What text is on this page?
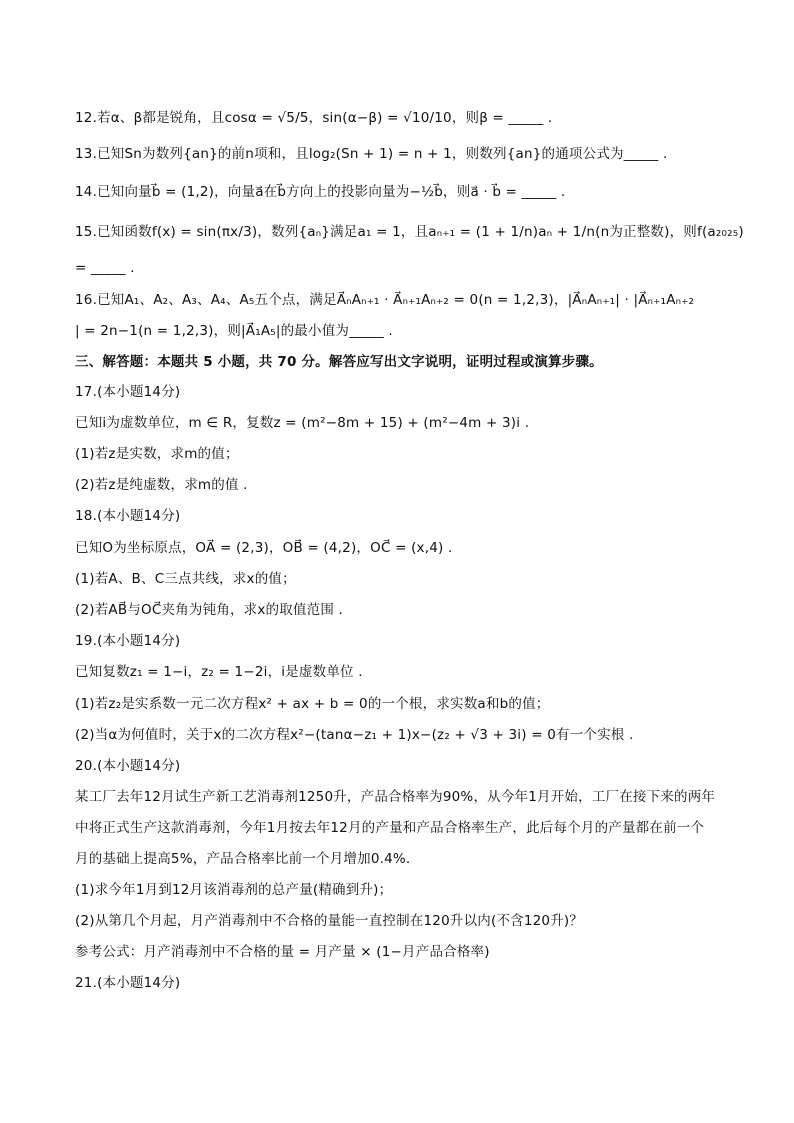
12.若α、β都是锐角，且cosα = √5/5，sin(α−β) = √10/10，则β = _____ .
13.已知Sn为数列{an}的前n项和，且log₂(Sn + 1) = n + 1，则数列{an}的通项公式为_____ .
14.已知向量b⃗ = (1,2)，向量a⃗在b⃗方向上的投影向量为−½b⃗，则a⃗ · b⃗ = _____ .
15.已知函数f(x) = sin(πx/3)，数列{aₙ}满足a₁ = 1，且aₙ₊₁ = (1 + 1/n)aₙ + 1/n(n为正整数)，则f(a₂₀₂₅)
= _____ .
16.已知A₁、A₂、A₃、A₄、A₅五个点，满足A⃗ₙAₙ₊₁ · A⃗ₙ₊₁Aₙ₊₂ = 0(n = 1,2,3)，|A⃗ₙAₙ₊₁| · |A⃗ₙ₊₁Aₙ₊₂
| = 2n−1(n = 1,2,3)，则|A⃗₁A₅|的最小值为_____ .
三、解答题：本题共 5 小题，共 70 分。解答应写出文字说明，证明过程或演算步骤。
17.(本小题14分)
已知i为虚数单位，m ∈ R，复数z = (m²−8m + 15) + (m²−4m + 3)i .
(1)若z是实数，求m的值；
(2)若z是纯虚数，求m的值 .
18.(本小题14分)
已知O为坐标原点，OA⃗ = (2,3)，OB⃗ = (4,2)，OC⃗ = (x,4) .
(1)若A、B、C三点共线，求x的值；
(2)若AB⃗与OC⃗夹角为钝角，求x的取值范围 .
19.(本小题14分)
已知复数z₁ = 1−i，z₂ = 1−2i，i是虚数单位 .
(1)若z₂是实系数一元二次方程x² + ax + b = 0的一个根，求实数a和b的值；
(2)当α为何值时，关于x的二次方程x²−(tanα−z₁ + 1)x−(z₂ + √3 + 3i) = 0有一个实根 .
20.(本小题14分)
某工厂去年12月试生产新工艺消毒剂1250升，产品合格率为90%，从今年1月开始，工厂在接下来的两年
中将正式生产这款消毒剂，今年1月按去年12月的产量和产品合格率生产，此后每个月的产量都在前一个
月的基础上提高5%，产品合格率比前一个月增加0.4%.
(1)求今年1月到12月该消毒剂的总产量(精确到升)；
(2)从第几个月起，月产消毒剂中不合格的量能一直控制在120升以内(不含120升)？
参考公式：月产消毒剂中不合格的量 = 月产量 × (1−月产品合格率)
21.(本小题14分)
